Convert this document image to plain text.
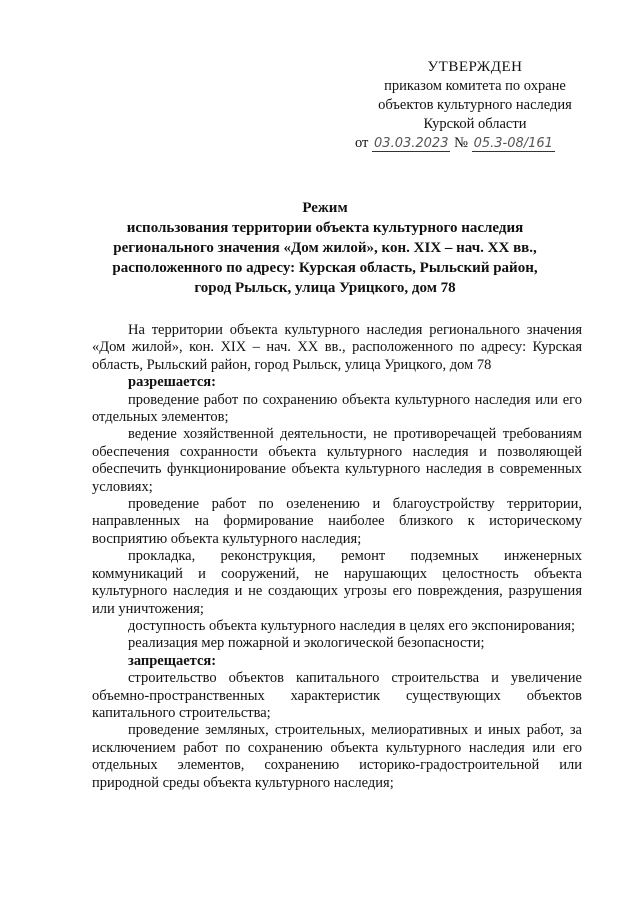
УТВЕРЖДЕН
приказом комитета по охране
объектов культурного наследия
Курской области
от 03.03.2023 № 05.3-08/161
Режим
использования территории объекта культурного наследия
регионального значения «Дом жилой», кон. XIX – нач. XX вв.,
расположенного по адресу: Курская область, Рыльский район,
город Рыльск, улица Урицкого, дом 78

На территории объекта культурного наследия регионального значения «Дом жилой», кон. XIX – нач. XX вв., расположенного по адресу: Курская область, Рыльский район, город Рыльск, улица Урицкого, дом 78

разрешается:

проведение работ по сохранению объекта культурного наследия или его отдельных элементов;

ведение хозяйственной деятельности, не противоречащей требованиям обеспечения сохранности объекта культурного наследия и позволяющей обеспечить функционирование объекта культурного наследия в современных условиях;

проведение работ по озеленению и благоустройству территории, направленных на формирование наиболее близкого к историческому восприятию объекта культурного наследия;

прокладка, реконструкция, ремонт подземных инженерных коммуникаций и сооружений, не нарушающих целостность объекта культурного наследия и не создающих угрозы его повреждения, разрушения или уничтожения;

доступность объекта культурного наследия в целях его экспонирования;

реализация мер пожарной и экологической безопасности;

запрещается:

строительство объектов капитального строительства и увеличение объемно-пространственных характеристик существующих объектов капитального строительства;

проведение земляных, строительных, мелиоративных и иных работ, за исключением работ по сохранению объекта культурного наследия или его отдельных элементов, сохранению историко-градостроительной или природной среды объекта культурного наследия;
